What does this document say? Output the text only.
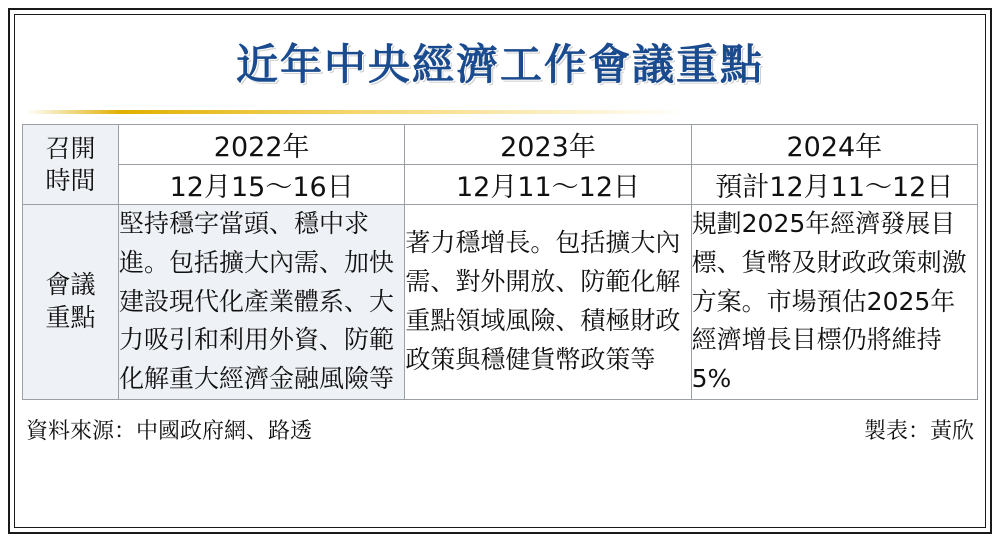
近年中央經濟工作會議重點
召開
時間	2022年	2023年	2024年
	12月15～16日	12月11～12日	預計12月11～12日

會議
重點	堅持穩字當頭、穩中求進。包括擴大內需、加快建設現代化產業體系、大力吸引和利用外資、防範化解重大經濟金融風險等	著力穩增長。包括擴大內需、對外開放、防範化解重點領域風險、積極財政政策與穩健貨幣政策等	規劃2025年經濟發展目標、貨幣及財政政策刺激方案。市場預估2025年經濟增長目標仍將維持5%
資料來源：中國政府網、路透	製表：黃欣
